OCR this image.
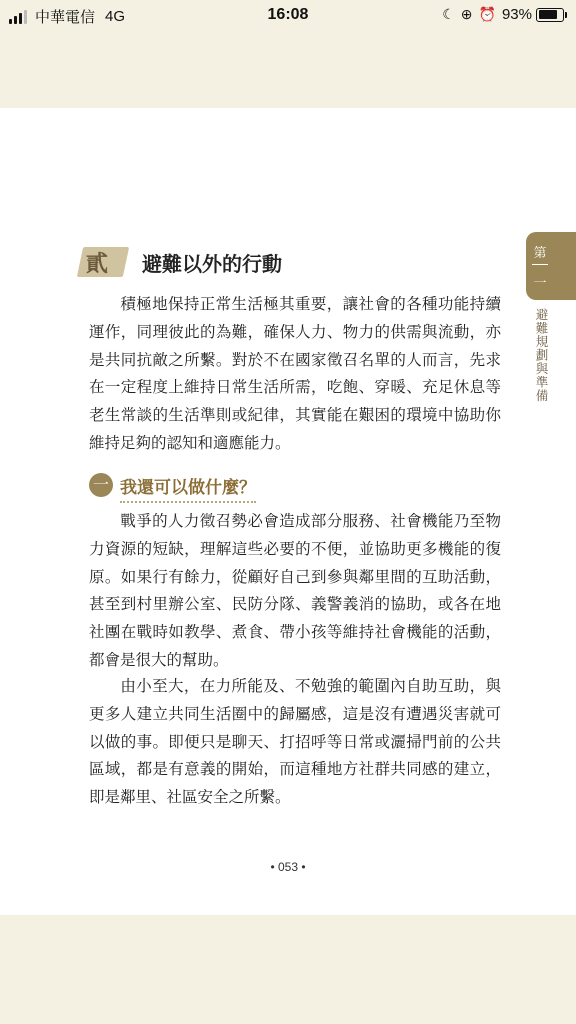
中華電信 4G	16:08	☾ ⊕ ⏰ 93%
貳 避難以外的行動	第
一
避難規劃與準備

積極地保持正常生活極其重要，讓社會的各種功能持續運作，同理彼此的為難，確保人力、物力的供需與流動，亦是共同抗敵之所繫。對於不在國家徵召名單的人而言，先求在一定程度上維持日常生活所需，吃飽、穿暖、充足休息等老生常談的生活準則或紀律，其實能在艱困的環境中協助你維持足夠的認知和適應能力。

一 我還可以做什麼？

戰爭的人力徵召勢必會造成部分服務、社會機能乃至物力資源的短缺，理解這些必要的不便，並協助更多機能的復原。如果行有餘力，從顧好自己到參與鄰里間的互助活動，甚至到村里辦公室、民防分隊、義警義消的協助，或各在地社團在戰時如教學、煮食、帶小孩等維持社會機能的活動，都會是很大的幫助。

由小至大，在力所能及、不勉強的範圍內自助互助，與更多人建立共同生活圈中的歸屬感，這是沒有遭遇災害就可以做的事。即便只是聊天、打招呼等日常或灑掃門前的公共區域，都是有意義的開始，而這種地方社群共同感的建立，即是鄰里、社區安全之所繫。

• 053 •
